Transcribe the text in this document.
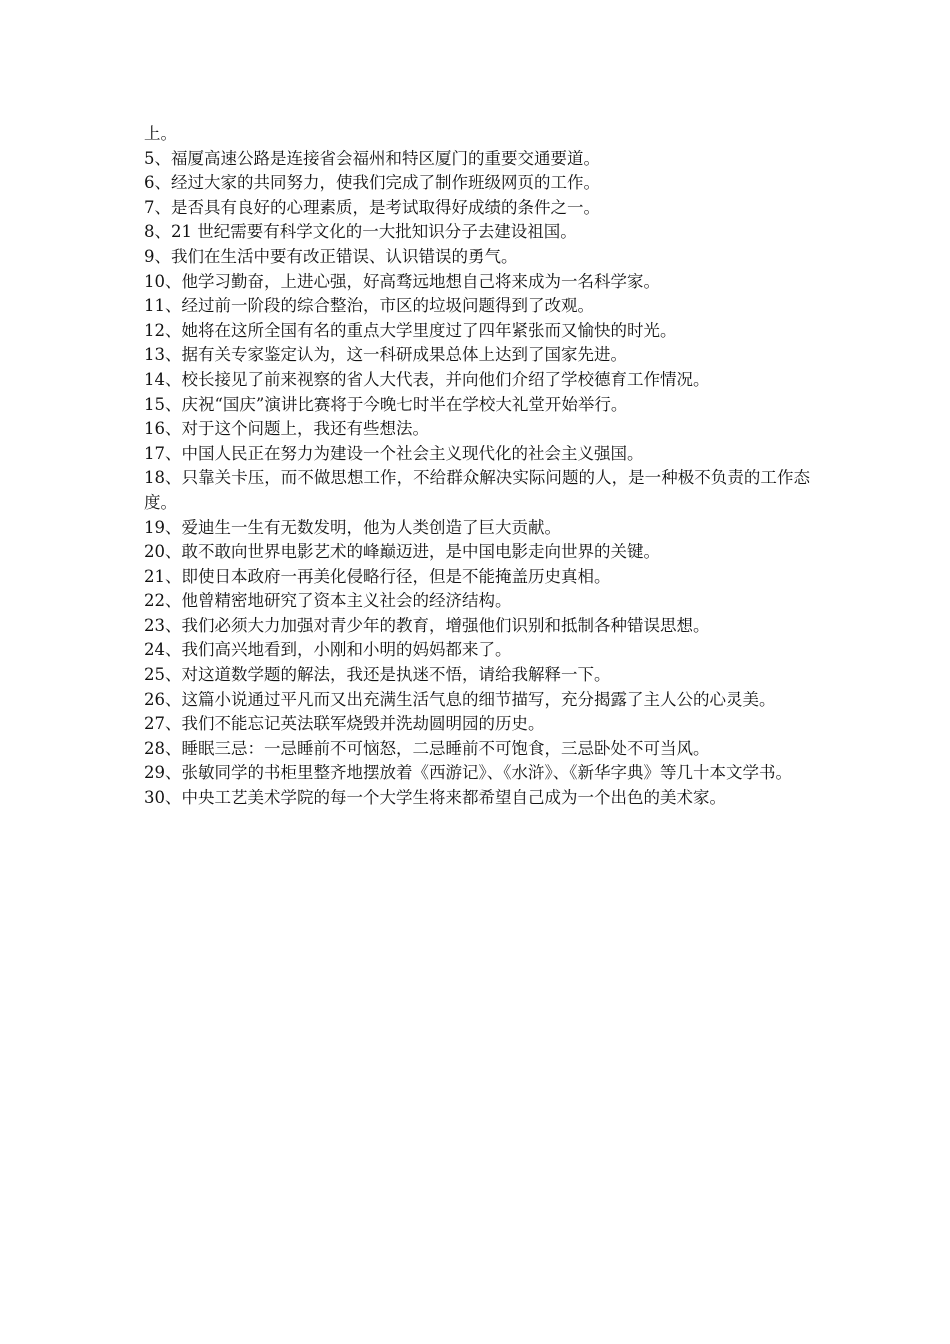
上。

5、福厦高速公路是连接省会福州和特区厦门的重要交通要道。

6、经过大家的共同努力，使我们完成了制作班级网页的工作。

7、是否具有良好的心理素质，是考试取得好成绩的条件之一。

8、21 世纪需要有科学文化的一大批知识分子去建设祖国。

9、我们在生活中要有改正错误、认识错误的勇气。

10、他学习勤奋，上进心强，好高骛远地想自己将来成为一名科学家。

11、经过前一阶段的综合整治，市区的垃圾问题得到了改观。

12、她将在这所全国有名的重点大学里度过了四年紧张而又愉快的时光。

13、据有关专家鉴定认为，这一科研成果总体上达到了国家先进。

14、校长接见了前来视察的省人大代表，并向他们介绍了学校德育工作情况。

15、庆祝“国庆”演讲比赛将于今晚七时半在学校大礼堂开始举行。

16、对于这个问题上，我还有些想法。

17、中国人民正在努力为建设一个社会主义现代化的社会主义强国。

18、只靠关卡压，而不做思想工作，不给群众解决实际问题的人，是一种极不负责的工作态度。

19、爱迪生一生有无数发明，他为人类创造了巨大贡献。

20、敢不敢向世界电影艺术的峰巅迈进，是中国电影走向世界的关键。

21、即使日本政府一再美化侵略行径，但是不能掩盖历史真相。

22、他曾精密地研究了资本主义社会的经济结构。

23、我们必须大力加强对青少年的教育，增强他们识别和抵制各种错误思想。

24、我们高兴地看到，小刚和小明的妈妈都来了。

25、对这道数学题的解法，我还是执迷不悟，请给我解释一下。

26、这篇小说通过平凡而又出充满生活气息的细节描写，充分揭露了主人公的心灵美。

27、我们不能忘记英法联军烧毁并洗劫圆明园的历史。

28、睡眠三忌：一忌睡前不可恼怒，二忌睡前不可饱食，三忌卧处不可当风。

29、张敏同学的书柜里整齐地摆放着《西游记》、《水浒》、《新华字典》等几十本文学书。

30、中央工艺美术学院的每一个大学生将来都希望自己成为一个出色的美术家。
